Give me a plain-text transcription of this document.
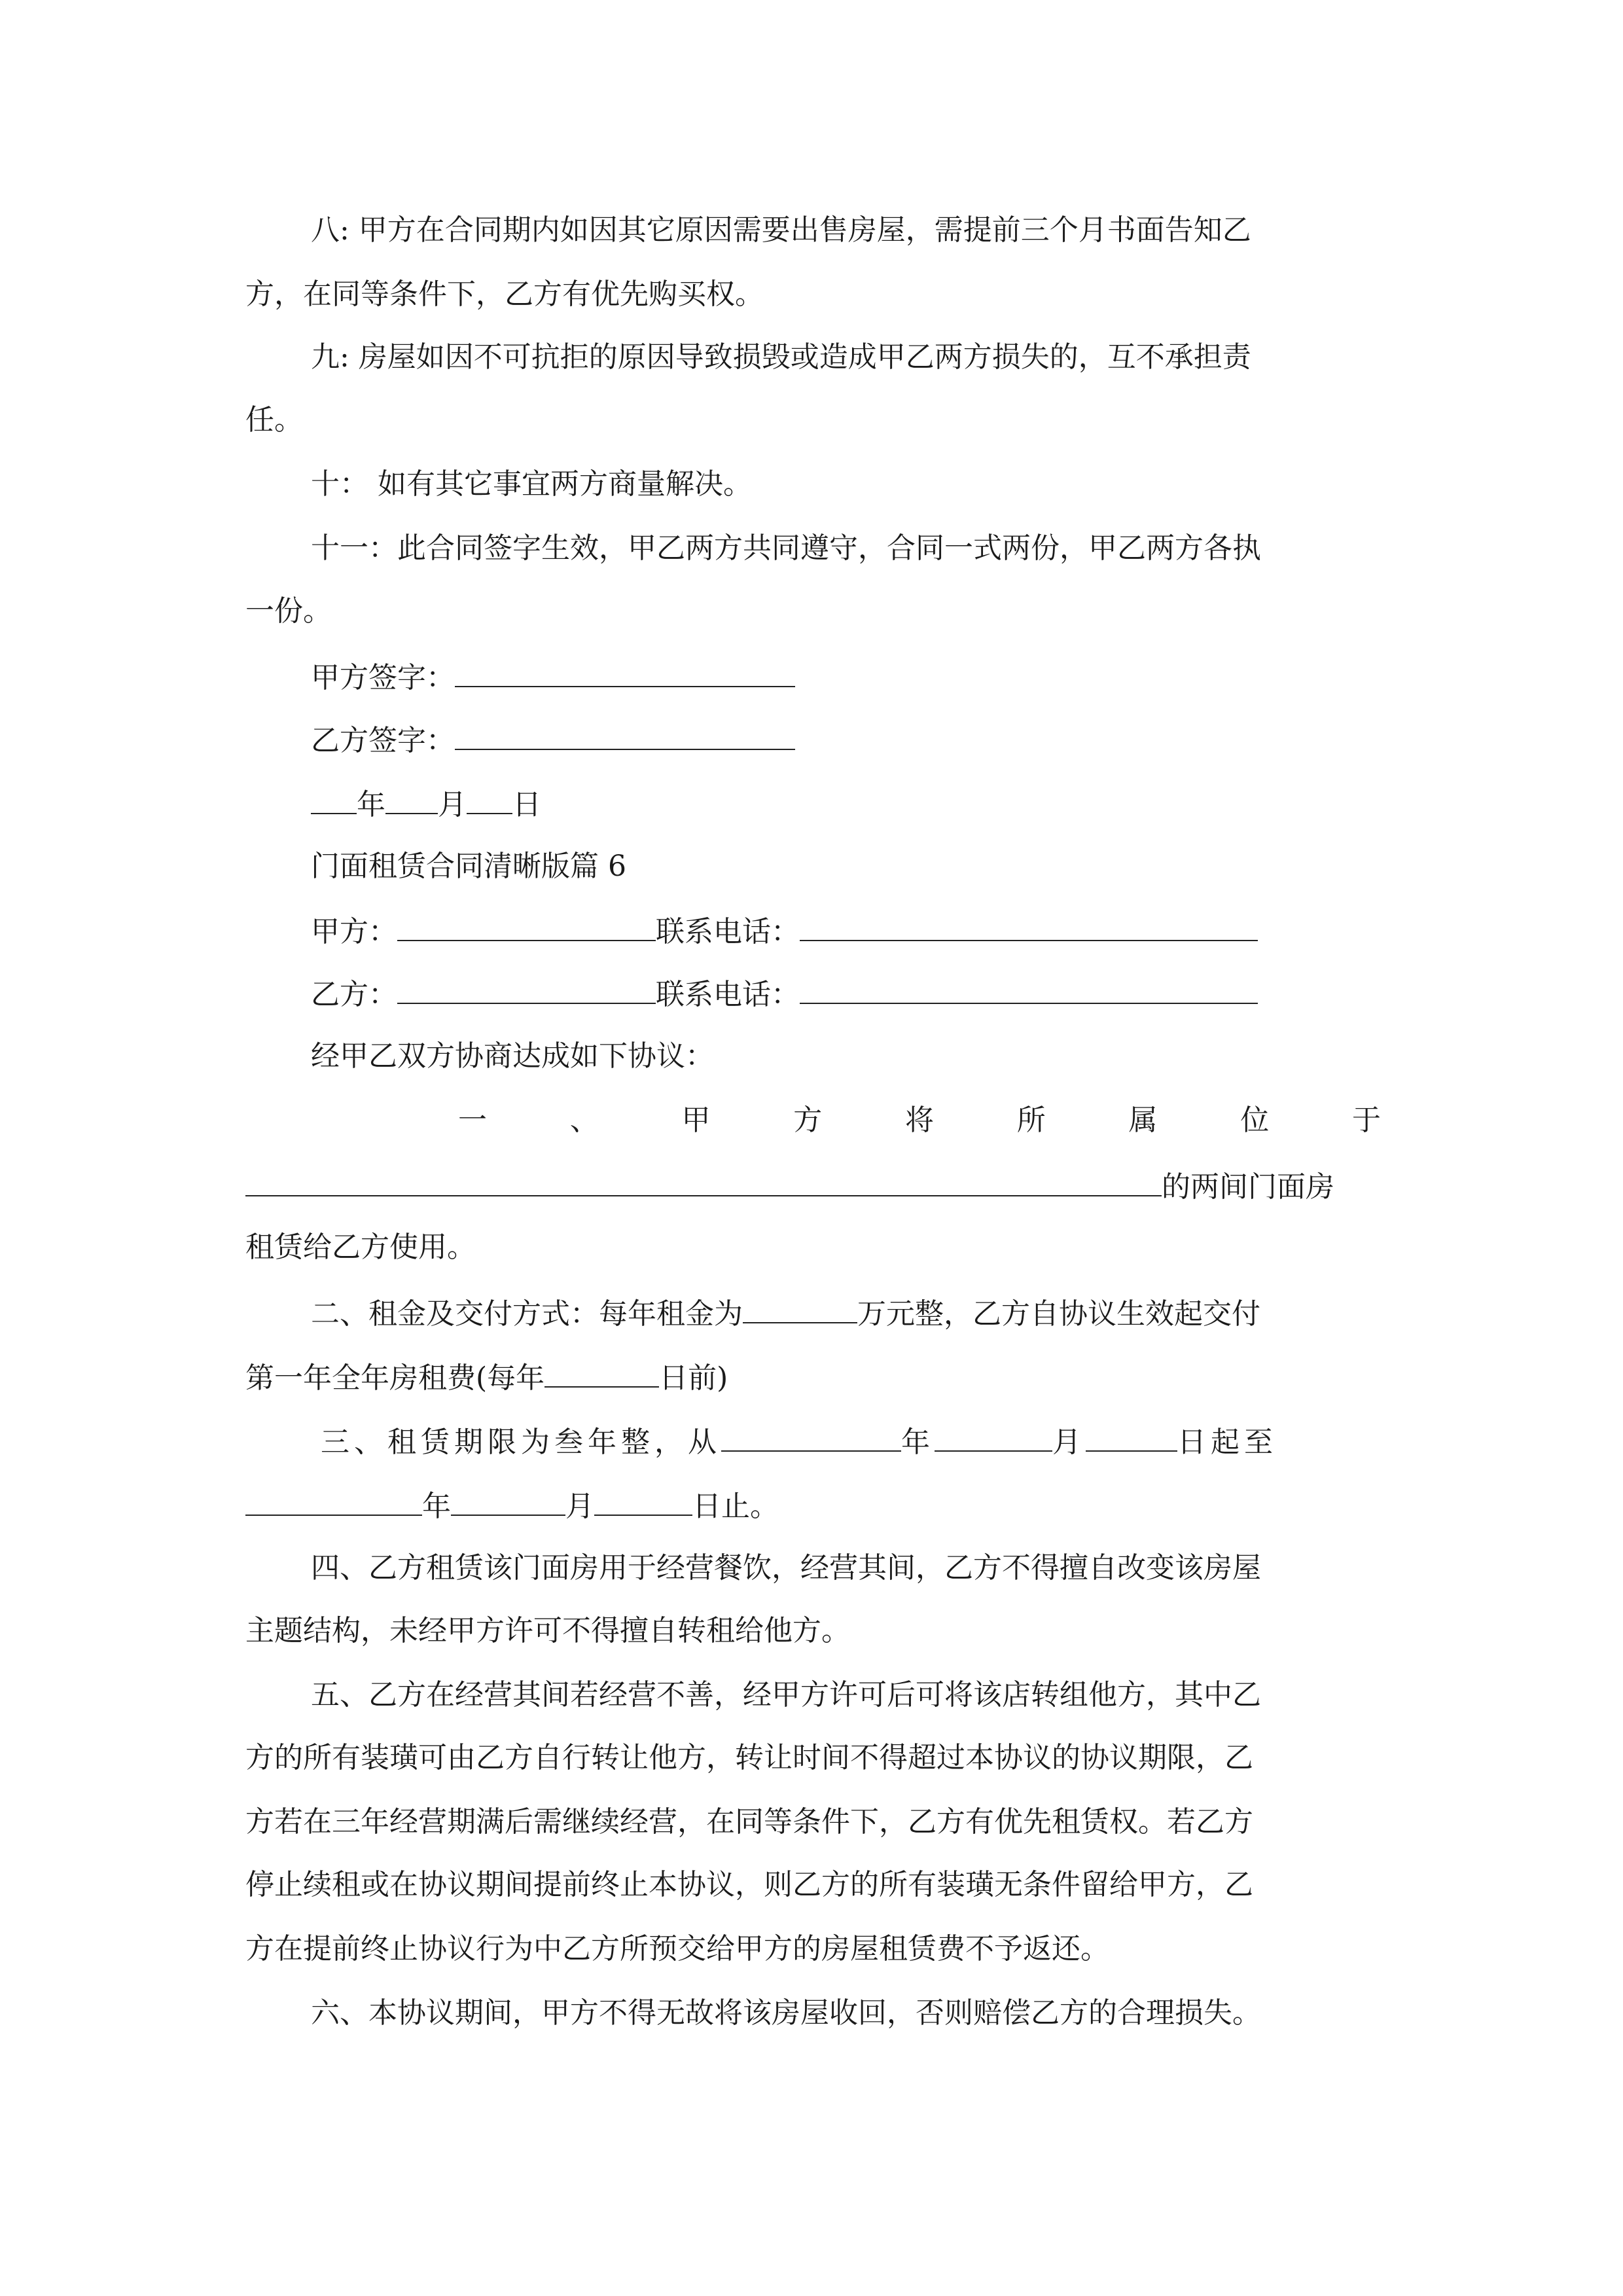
八: 甲方在合同期内如因其它原因需要出售房屋，需提前三个月书面告知乙
方，在同等条件下，乙方有优先购买权。
九: 房屋如因不可抗拒的原因导致损毁或造成甲乙两方损失的，互不承担责
任。
十： 如有其它事宜两方商量解决。
十一：此合同签字生效，甲乙两方共同遵守，合同一式两份，甲乙两方各执
一份。
甲方签字：
乙方签字：
年 月 日
门面租赁合同清晰版篇 6
甲方：	联系电话：
乙方：	联系电话：
经甲乙双方协商达成如下协议：
一	、	甲	方	将	所	属	位	于
的两间门面房
租赁给乙方使用。
二、租金及交付方式：每年租金为	万元整，乙方自协议生效起交付
第一年全年房租费(每年	日前)
三、租赁期限为叁年整，从	年	月	日起至
年	月	日止。
四、乙方租赁该门面房用于经营餐饮，经营其间，乙方不得擅自改变该房屋
主题结构，未经甲方许可不得擅自转租给他方。
五、乙方在经营其间若经营不善，经甲方许可后可将该店转组他方，其中乙
方的所有装璜可由乙方自行转让他方，转让时间不得超过本协议的协议期限，乙
方若在三年经营期满后需继续经营，在同等条件下，乙方有优先租赁权。若乙方
停止续租或在协议期间提前终止本协议，则乙方的所有装璜无条件留给甲方，乙
方在提前终止协议行为中乙方所预交给甲方的房屋租赁费不予返还。
六、本协议期间，甲方不得无故将该房屋收回，否则赔偿乙方的合理损失。
